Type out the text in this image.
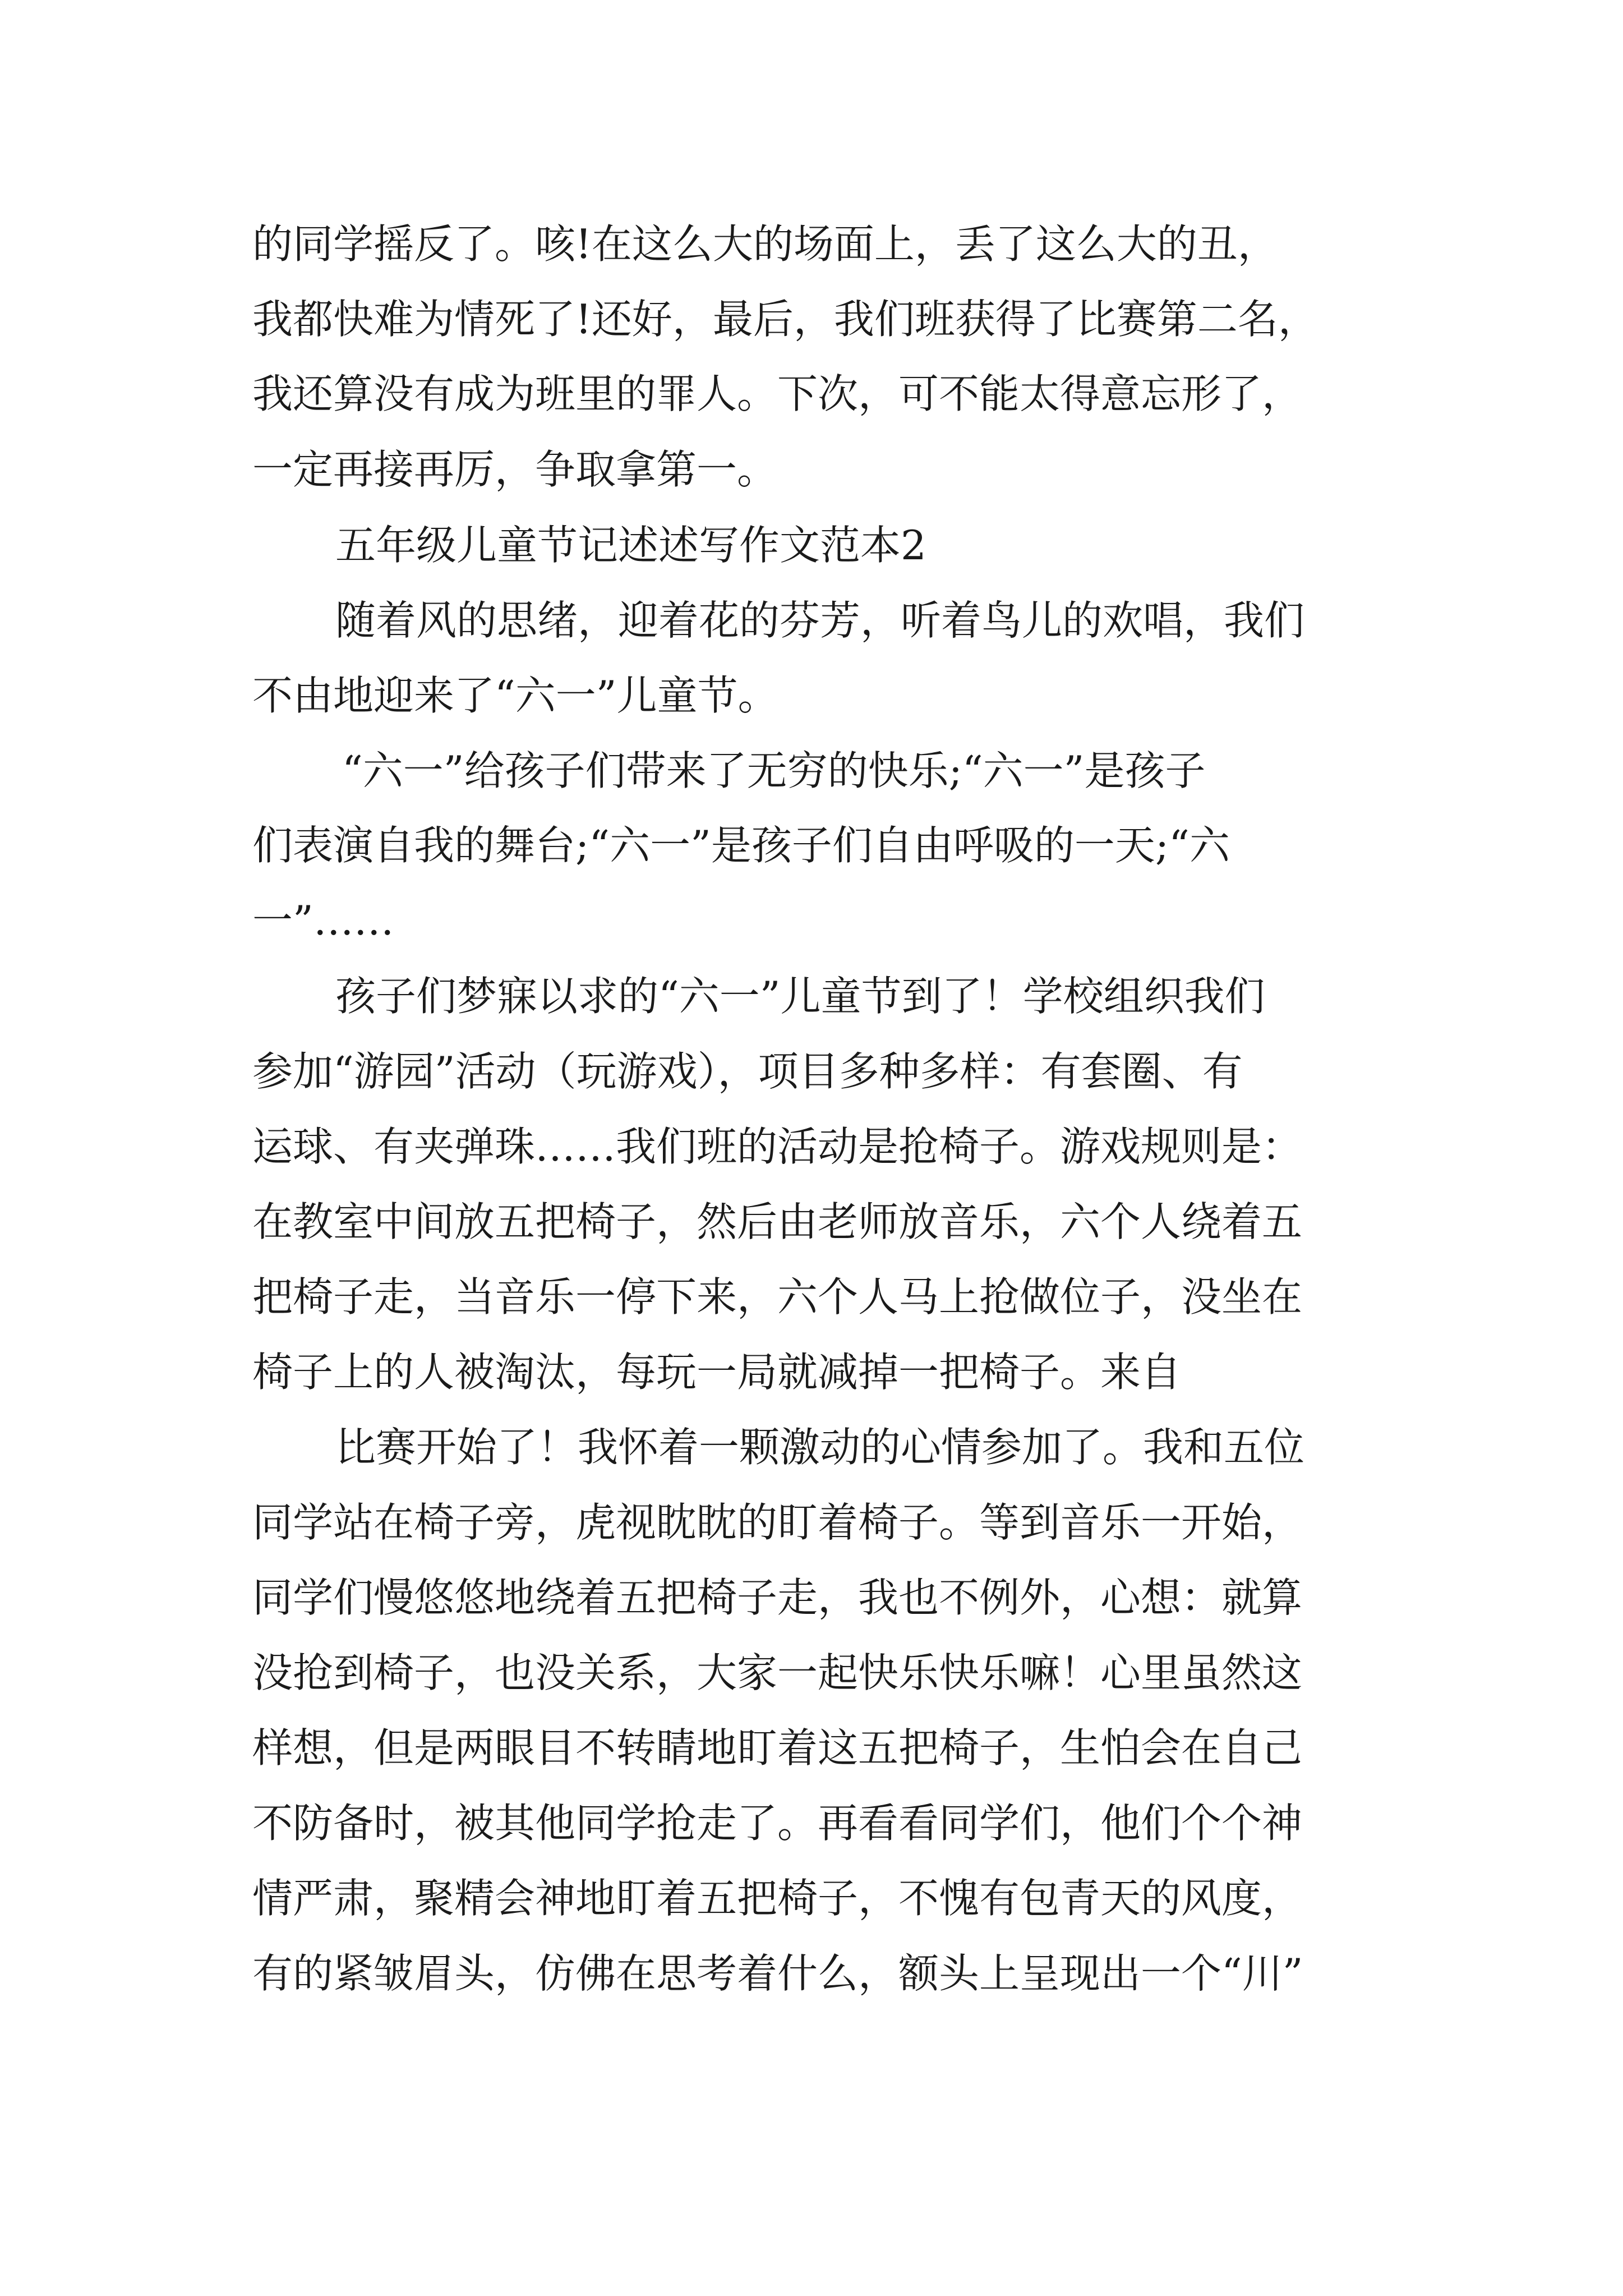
的同学摇反了。咳!在这么大的场面上，丢了这么大的丑，

我都快难为情死了!还好，最后，我们班获得了比赛第二名，

我还算没有成为班里的罪人。下次，可不能太得意忘形了，

一定再接再厉，争取拿第一。

五年级儿童节记述述写作文范本2

随着风的思绪，迎着花的芬芳，听着鸟儿的欢唱，我们

不由地迎来了“六一”儿童节。

“六一”给孩子们带来了无穷的快乐;“六一”是孩子

们表演自我的舞台;“六一”是孩子们自由呼吸的一天;“六

一”……

孩子们梦寐以求的“六一”儿童节到了！学校组织我们

参加“游园”活动（玩游戏），项目多种多样：有套圈、有

运球、有夹弹珠……我们班的活动是抢椅子。游戏规则是：

在教室中间放五把椅子，然后由老师放音乐，六个人绕着五

把椅子走，当音乐一停下来，六个人马上抢做位子，没坐在

椅子上的人被淘汰，每玩一局就减掉一把椅子。来自

比赛开始了！我怀着一颗激动的心情参加了。我和五位

同学站在椅子旁，虎视眈眈的盯着椅子。等到音乐一开始，

同学们慢悠悠地绕着五把椅子走，我也不例外，心想：就算

没抢到椅子，也没关系，大家一起快乐快乐嘛！心里虽然这

样想，但是两眼目不转睛地盯着这五把椅子，生怕会在自己

不防备时，被其他同学抢走了。再看看同学们，他们个个神

情严肃，聚精会神地盯着五把椅子，不愧有包青天的风度，

有的紧皱眉头，仿佛在思考着什么，额头上呈现出一个“川”
